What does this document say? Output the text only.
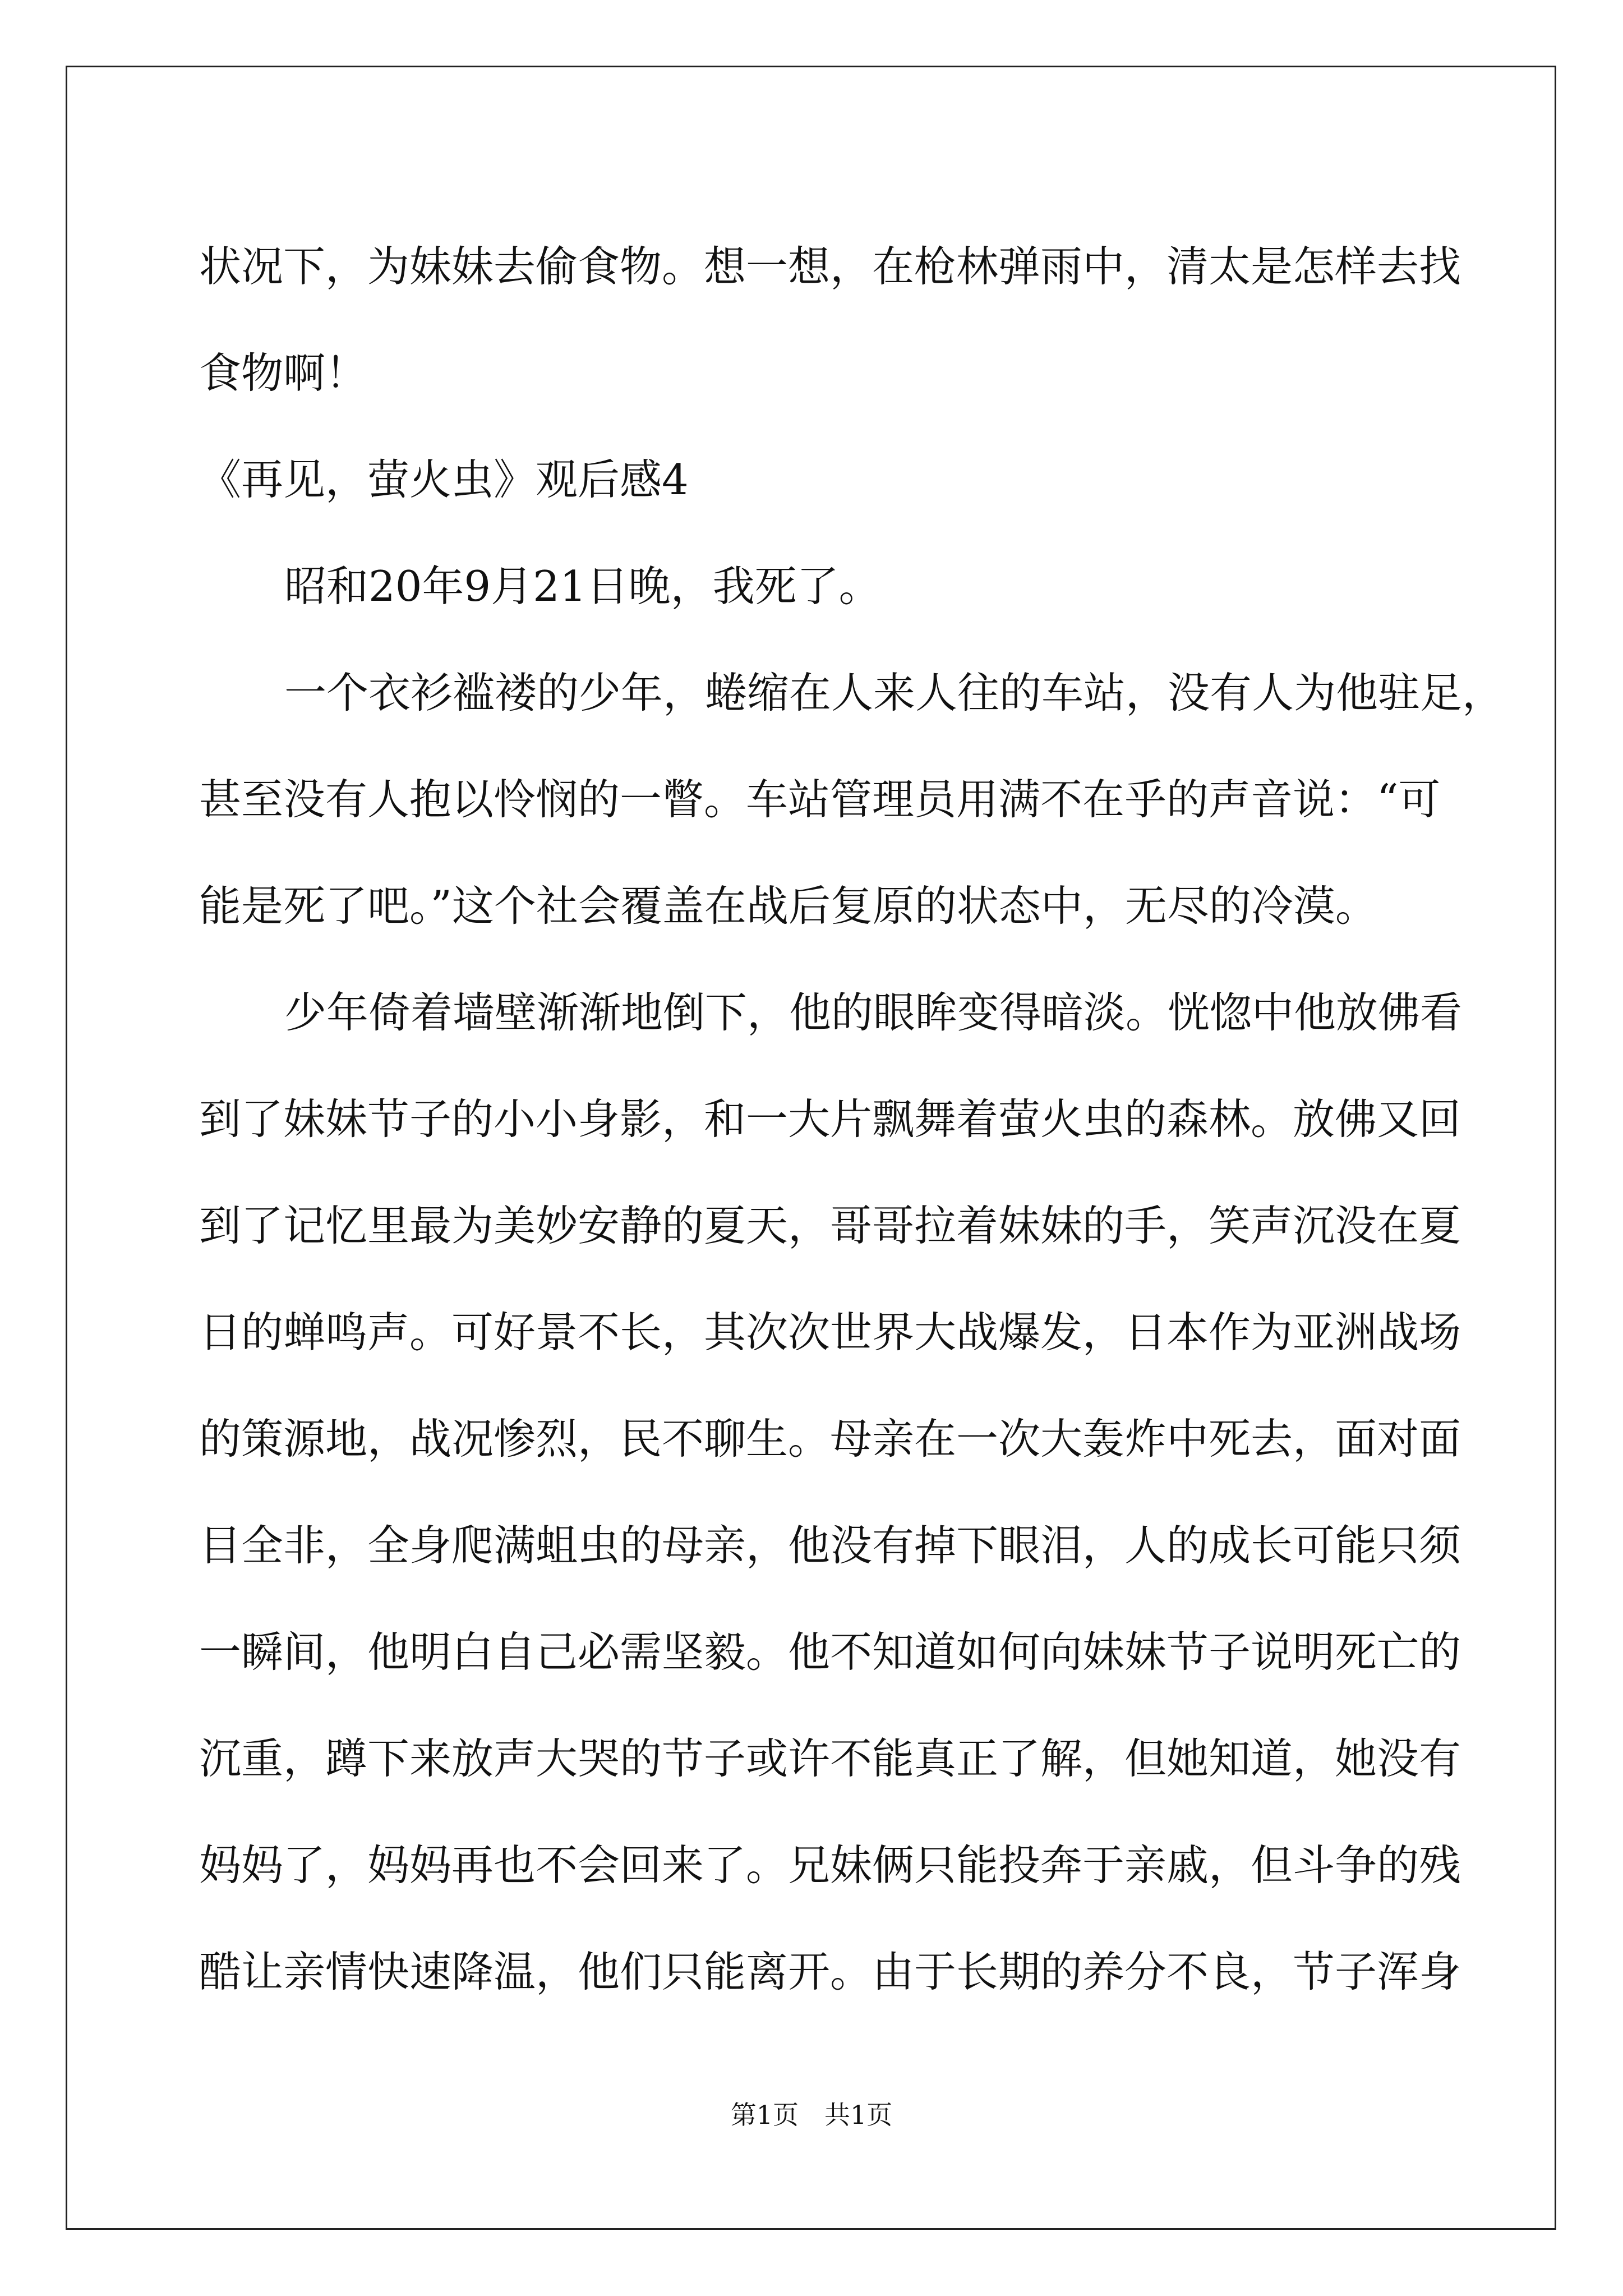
状况下，为妹妹去偷食物。想一想，在枪林弹雨中，清太是怎样去找
食物啊！
《再见，萤火虫》观后感4
昭和20年9月21日晚，我死了。
一个衣衫褴褛的少年，蜷缩在人来人往的车站，没有人为他驻足，
甚至没有人抱以怜悯的一瞥。车站管理员用满不在乎的声音说：“可
能是死了吧。”这个社会覆盖在战后复原的状态中，无尽的冷漠。
少年倚着墙壁渐渐地倒下，他的眼眸变得暗淡。恍惚中他放佛看
到了妹妹节子的小小身影，和一大片飘舞着萤火虫的森林。放佛又回
到了记忆里最为美妙安静的夏天，哥哥拉着妹妹的手，笑声沉没在夏
日的蝉鸣声。可好景不长，其次次世界大战爆发，日本作为亚洲战场
的策源地，战况惨烈，民不聊生。母亲在一次大轰炸中死去，面对面
目全非，全身爬满蛆虫的母亲，他没有掉下眼泪，人的成长可能只须
一瞬间，他明白自己必需坚毅。他不知道如何向妹妹节子说明死亡的
沉重，蹲下来放声大哭的节子或许不能真正了解，但她知道，她没有
妈妈了，妈妈再也不会回来了。兄妹俩只能投奔于亲戚，但斗争的残
酷让亲情快速降温，他们只能离开。由于长期的养分不良，节子浑身
第1页　共1页
